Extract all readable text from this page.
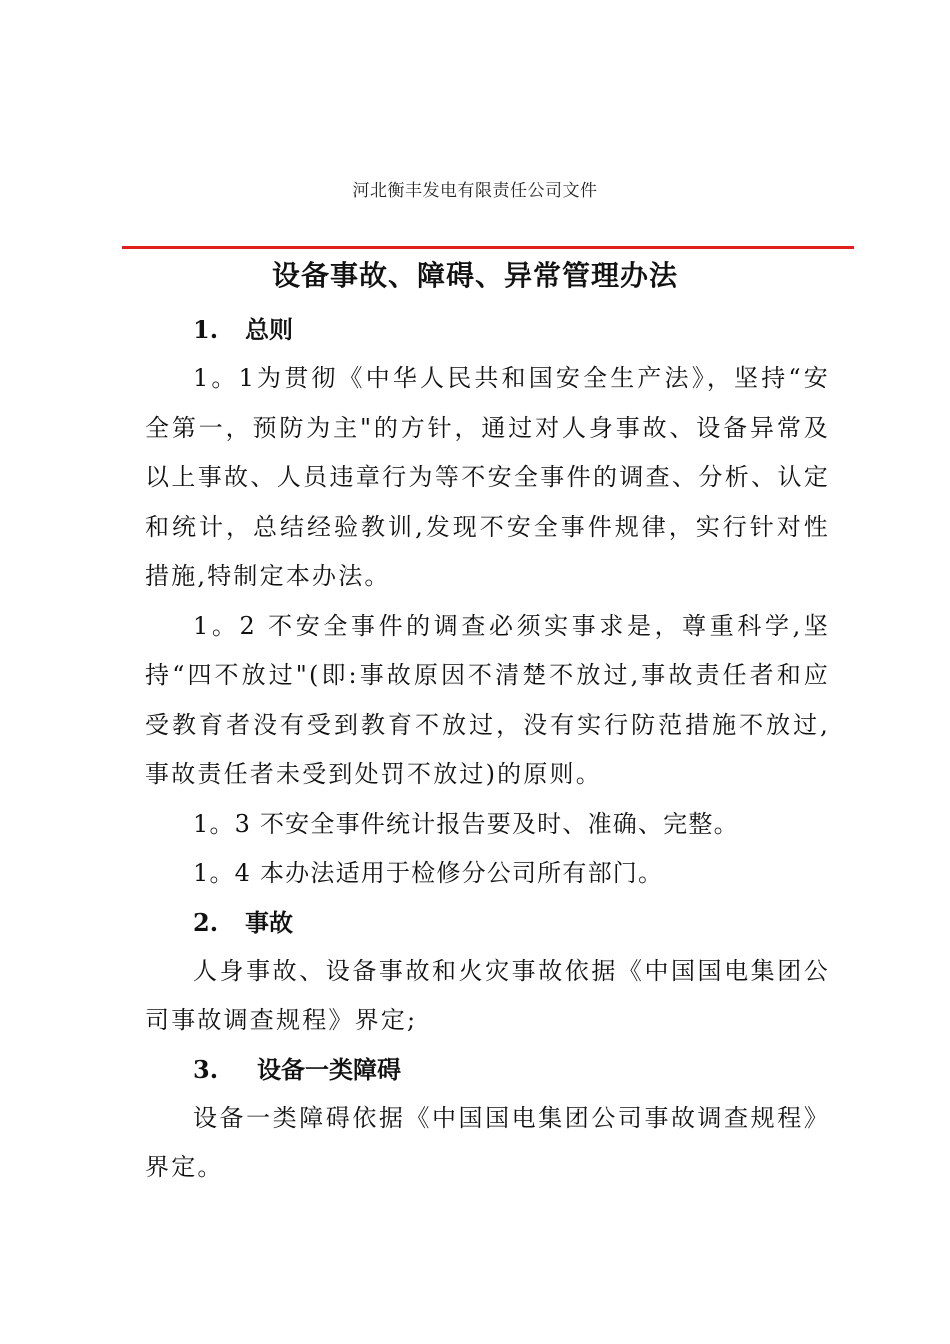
河北衡丰发电有限责任公司文件
设备事故、障碍、异常管理办法
1. 总则

1。1为贯彻《中华人民共和国安全生产法》，坚持“安全第一，预防为主"的方针，通过对人身事故、设备异常及以上事故、人员违章行为等不安全事件的调查、分析、认定和统计，总结经验教训,发现不安全事件规律，实行针对性措施,特制定本办法。

1。2 不安全事件的调查必须实事求是，尊重科学,坚持“四不放过"(即:事故原因不清楚不放过,事故责任者和应受教育者没有受到教育不放过，没有实行防范措施不放过,事故责任者未受到处罚不放过)的原则。

1。3 不安全事件统计报告要及时、准确、完整。

1。4 本办法适用于检修分公司所有部门。

2. 事故

人身事故、设备事故和火灾事故依据《中国国电集团公司事故调查规程》界定;

3. 设备一类障碍

设备一类障碍依据《中国国电集团公司事故调查规程》界定。
